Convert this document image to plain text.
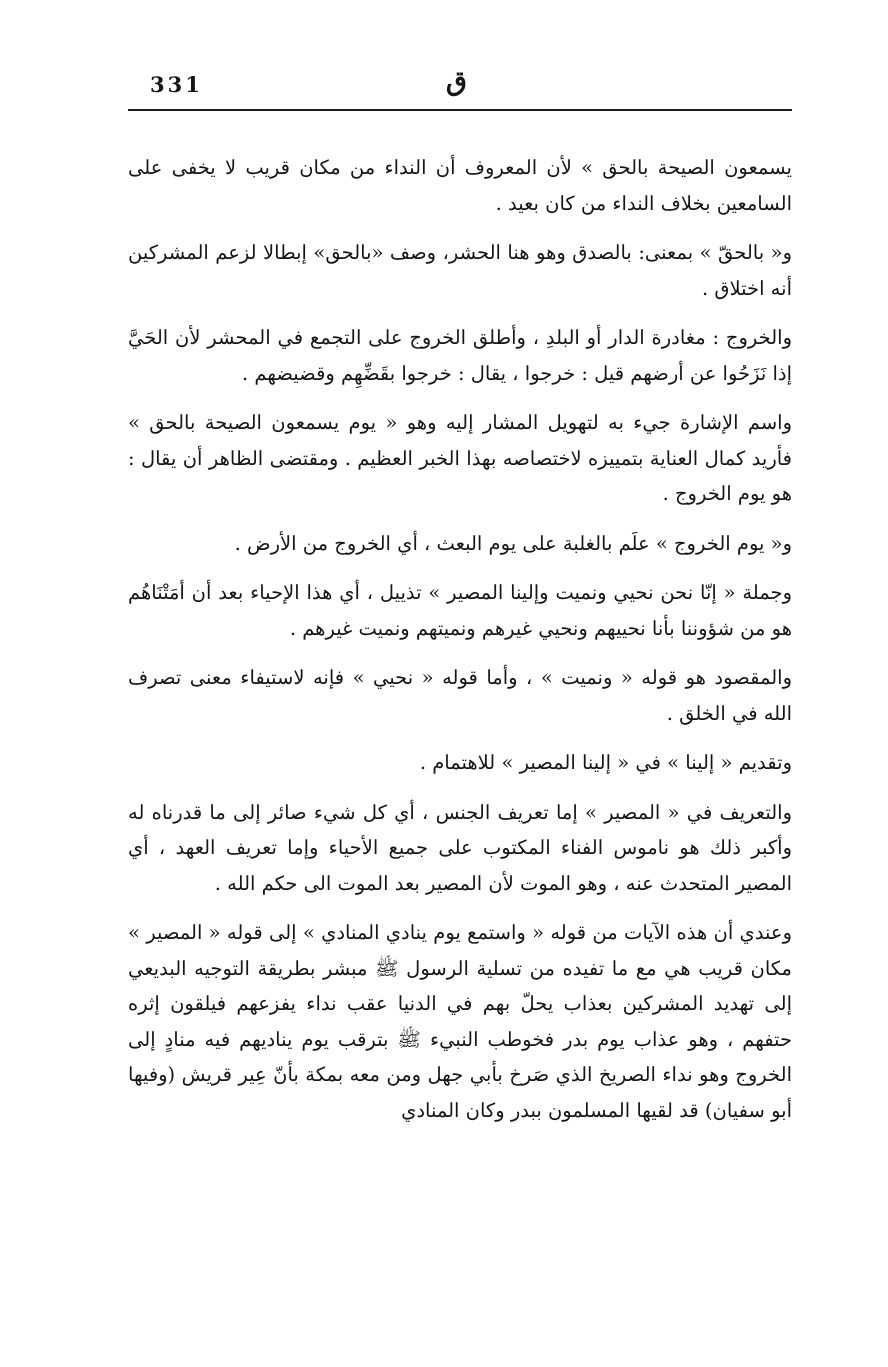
331	ق

يسمعون الصيحة بالحق » لأن المعروف أن النداء من مكان قريب لا يخفى على السامعين بخلاف النداء من كان بعيد .

و« بالحقّ » بمعنى: بالصدق وهو هنا الحشر، وصف «بالحق» إبطالا لزعم المشركين أنه اختلاق .

والخروج : مغادرة الدار أو البلدِ ، وأطلق الخروج على التجمع في المحشر لأن الحَيَّ إذا نَزَحُوا عن أرضهم قيل : خرجوا ، يقال : خرجوا بقَضِّهِم وقضيضهم .

واسم الإشارة جيء به لتهويل المشار إليه وهو « يوم يسمعون الصيحة بالحق » فأريد كمال العناية بتمييزه لاختصاصه بهذا الخبر العظيم . ومقتضى الظاهر أن يقال : هو يوم الخروج .

و« يوم الخروج » علَم بالغلبة على يوم البعث ، أي الخروج من الأرض .

وجملة « إنّا نحن نحيي ونميت وإلينا المصير » تذييل ، أي هذا الإحياء بعد أن أمَتْنَاهُم هو من شؤوننا بأنا نحييهم ونحيي غيرهم ونميتهم ونميت غيرهم .

والمقصود هو قوله « ونميت » ، وأما قوله « نحيي » فإنه لاستيفاء معنى تصرف الله في الخلق .

وتقديم « إلينا » في « إلينا المصير » للاهتمام .

والتعريف في « المصير » إما تعريف الجنس ، أي كل شيء صائر إلى ما قدرناه له وأكبر ذلك هو ناموس الفناء المكتوب على جميع الأحياء وإما تعريف العهد ، أي المصير المتحدث عنه ، وهو الموت لأن المصير بعد الموت الى حكم الله .

وعندي أن هذه الآيات من قوله « واستمع يوم ينادي المنادي » إلى قوله « المصير » مكان قريب هي مع ما تفيده من تسلية الرسول ﷺ مبشر بطريقة التوجيه البديعي إلى تهديد المشركين بعذاب يحلّ بهم في الدنيا عقب نداء يفزعهم فيلقون إثره حتفهم ، وهو عذاب يوم بدر فخوطب النبيء ﷺ بترقب يوم يناديهم فيه منادٍ إلى الخروج وهو نداء الصريخ الذي صَرخ بأبي جهل ومن معه بمكة بأنّ عِير قريش (وفيها أبو سفيان) قد لقيها المسلمون ببدر وكان المنادي
